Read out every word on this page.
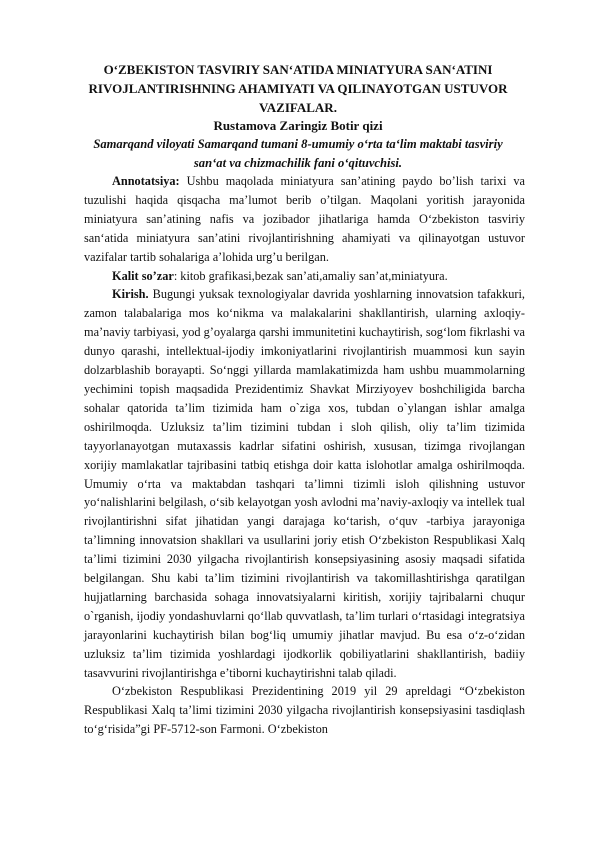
O‘ZBEKISTON TASVIRIY SAN‘ATIDA MINIATYURA SAN‘ATINI RIVOJLANTIRISHNING AHAMIYATI VA QILINAYOTGAN USTUVOR VAZIFALAR.

Rustamova Zaringiz Botir qizi

Samarqand viloyati Samarqand tumani 8-umumiy o‘rta ta‘lim maktabi tasviriy san‘at va chizmachilik fani o‘qituvchisi.

Annotatsiya: Ushbu maqolada miniatyura san’atining paydo bo’lish tarixi va tuzulishi haqida qisqacha ma’lumot berib o’tilgan. Maqolani yoritish jarayonida miniatyura san’atining nafis va jozibador jihatlariga hamda O‘zbekiston tasviriy san‘atida miniatyura san’atini rivojlantirishning ahamiyati va qilinayotgan ustuvor vazifalar tartib sohalariga a’lohida urg’u berilgan.

Kalit so’zar: kitob grafikasi,bezak san’ati,amaliy san’at,miniatyura.

Kirish. Bugungi yuksak texnologiyalar davrida yoshlarning innovatsion tafakkuri, zamon talabalariga mos ko‘nikma va malakalarini shakllantirish, ularning axloqiy-ma’naviy tarbiyasi, yod g’oyalarga qarshi immunitetini kuchaytirish, sog‘lom fikrlashi va dunyo qarashi, intellektual-ijodiy imkoniyatlarini rivojlantirish muammosi kun sayin dolzarblashib borayapti. So‘nggi yillarda mamlakatimizda ham ushbu muammolarning yechimini topish maqsadida Prezidentimiz Shavkat Mirziyoyev boshchiligida barcha sohalar qatorida ta’lim tizimida ham o`ziga xos, tubdan o`ylangan ishlar amalga oshirilmoqda. Uzluksiz ta’lim tizimini tubdan i sloh qilish, oliy ta’lim tizimida tayyorlanayotgan mutaxassis kadrlar sifatini oshirish, xususan, tizimga rivojlangan xorijiy mamlakatlar tajribasini tatbiq etishga doir katta islohotlar amalga oshirilmoqda. Umumiy o‘rta va maktabdan tashqari ta’limni tizimli isloh qilishning ustuvor yo‘nalishlarini belgilash, o‘sib kelayotgan yosh avlodni ma’naviy-axloqiy va intellek tual rivojlantirishni sifat jihatidan yangi darajaga ko‘tarish, o‘quv -tarbiya jarayoniga ta’limning innovatsion shakllari va usullarini joriy etish O‘zbekiston Respublikasi Xalq ta’limi tizimini 2030 yilgacha rivojlantirish konsepsiyasining asosiy maqsadi sifatida belgilangan. Shu kabi ta’lim tizimini rivojlantirish va takomillashtirishga qaratilgan hujjatlarning barchasida sohaga innovatsiyalarni kiritish, xorijiy tajribalarni chuqur o`rganish, ijodiy yondashuvlarni qo‘llab quvvatlash, ta’lim turlari o‘rtasidagi integratsiya jarayonlarini kuchaytirish bilan bog‘liq umumiy jihatlar mavjud. Bu esa o‘z-o‘zidan uzluksiz ta’lim tizimida yoshlardagi ijodkorlik qobiliyatlarini shakllantirish, badiiy tasavvurini rivojlantirishga e’tiborni kuchaytirishni talab qiladi.

O‘zbekiston Respublikasi Prezidentining 2019 yil 29 apreldagi “O‘zbekiston Respublikasi Xalq ta’limi tizimini 2030 yilgacha rivojlantirish konsepsiyasini tasdiqlash to‘g‘risida”gi PF-5712-son Farmoni. O‘zbekiston
